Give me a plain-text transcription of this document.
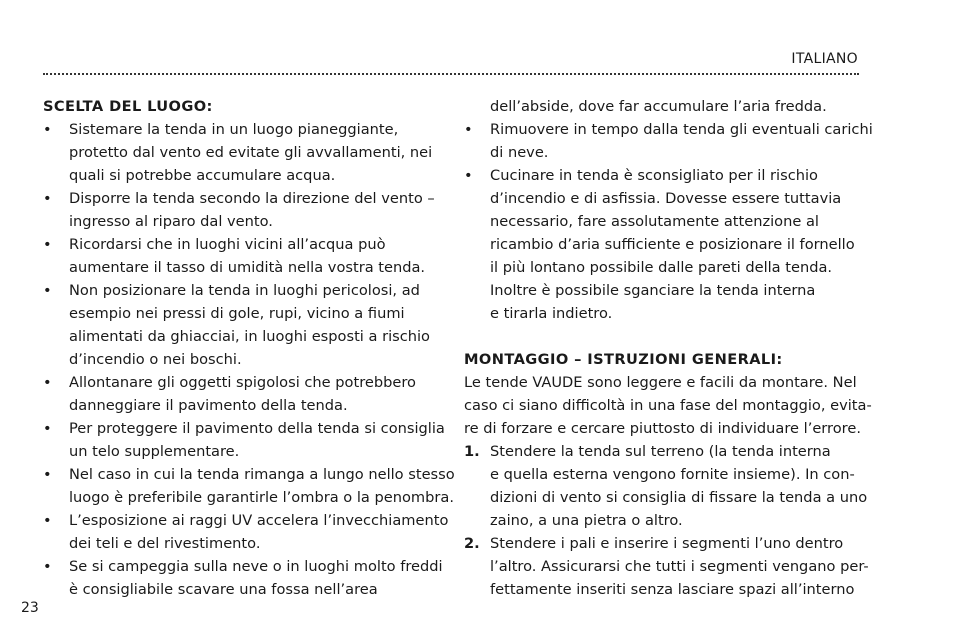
ITALIANO
SCELTA DEL LUOGO:
• Sistemare la tenda in un luogo pianeggiante,
protetto dal vento ed evitate gli avvallamenti, nei
quali si potrebbe accumulare acqua.
• Disporre la tenda secondo la direzione del vento –
ingresso al riparo dal vento.
• Ricordarsi che in luoghi vicini all’acqua può
aumentare il tasso di umidità nella vostra tenda.
• Non posizionare la tenda in luoghi pericolosi, ad
esempio nei pressi di gole, rupi, vicino a fiumi
alimentati da ghiacciai, in luoghi esposti a rischio
d’incendio o nei boschi.
• Allontanare gli oggetti spigolosi che potrebbero
danneggiare il pavimento della tenda.
• Per proteggere il pavimento della tenda si consiglia
un telo supplementare.
• Nel caso in cui la tenda rimanga a lungo nello stesso
luogo è preferibile garantirle l’ombra o la penombra.
• L’esposizione ai raggi UV accelera l’invecchiamento
dei teli e del rivestimento.
• Se si campeggia sulla neve o in luoghi molto freddi
è consigliabile scavare una fossa nell’area
dell’abside, dove far accumulare l’aria fredda.
• Rimuovere in tempo dalla tenda gli eventuali carichi
di neve.
• Cucinare in tenda è sconsigliato per il rischio
d’incendio e di asfissia. Dovesse essere tuttavia
necessario, fare assolutamente attenzione al
ricambio d’aria sufficiente e posizionare il fornello
il più lontano possibile dalle pareti della tenda.
Inoltre è possibile sganciare la tenda interna
e tirarla indietro.
MONTAGGIO – ISTRUZIONI GENERALI:
Le tende VAUDE sono leggere e facili da montare. Nel
caso ci siano difficoltà in una fase del montaggio, evita-
re di forzare e cercare piuttosto di individuare l’errore.
1. Stendere la tenda sul terreno (la tenda interna
e quella esterna vengono fornite insieme). In con-
dizioni di vento si consiglia di fissare la tenda a uno
zaino, a una pietra o altro.
2. Stendere i pali e inserire i segmenti l’uno dentro
l’altro. Assicurarsi che tutti i segmenti vengano per-
fettamente inseriti senza lasciare spazi all’interno
23
